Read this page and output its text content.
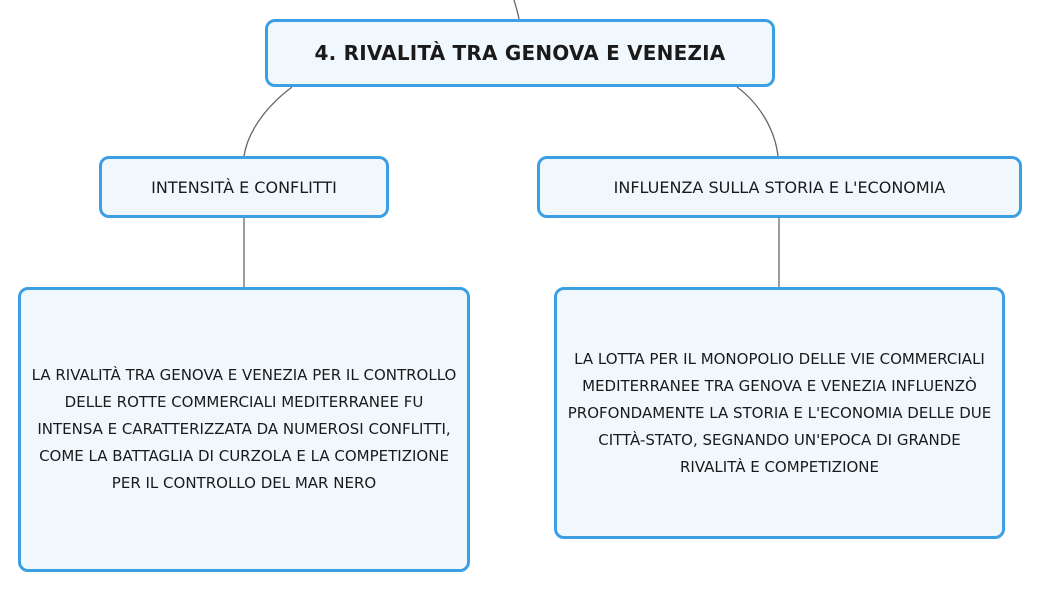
4. RIVALITÀ TRA GENOVA E VENEZIA
INTENSITÀ E CONFLITTI	INFLUENZA SULLA STORIA E L'ECONOMIA
LA RIVALITÀ TRA GENOVA E VENEZIA PER IL CONTROLLO DELLE ROTTE COMMERCIALI MEDITERRANEE FU INTENSA E CARATTERIZZATA DA NUMEROSI CONFLITTI, COME LA BATTAGLIA DI CURZOLA E LA COMPETIZIONE PER IL CONTROLLO DEL MAR NERO
LA LOTTA PER IL MONOPOLIO DELLE VIE COMMERCIALI MEDITERRANEE TRA GENOVA E VENEZIA INFLUENZÒ PROFONDAMENTE LA STORIA E L'ECONOMIA DELLE DUE CITTÀ-STATO, SEGNANDO UN'EPOCA DI GRANDE RIVALITÀ E COMPETIZIONE
